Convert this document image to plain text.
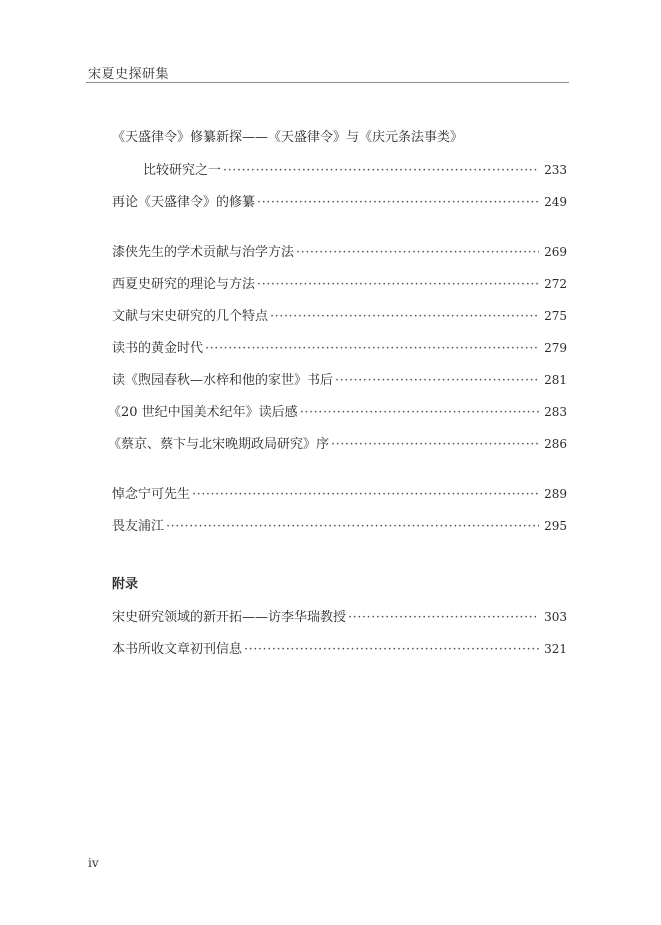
宋夏史探研集
《天盛律令》修纂新探——《天盛律令》与《庆元条法事类》
比较研究之一 ·····	233
再论《天盛律令》的修纂 ·····	249
漆侠先生的学术贡献与治学方法 ·····	269
西夏史研究的理论与方法 ·····	272
文献与宋史研究的几个特点 ·····	275
读书的黄金时代 ·····	279
读《煦园春秋—水梓和他的家世》书后 ·····	281
《20 世纪中国美术纪年》读后感 ·····	283
《蔡京、蔡卞与北宋晚期政局研究》序 ·····	286
悼念宁可先生 ·····	289
畏友浦江 ·····	295
附录
宋史研究领域的新开拓——访李华瑞教授 ·····	303
本书所收文章初刊信息 ·····	321
iv
